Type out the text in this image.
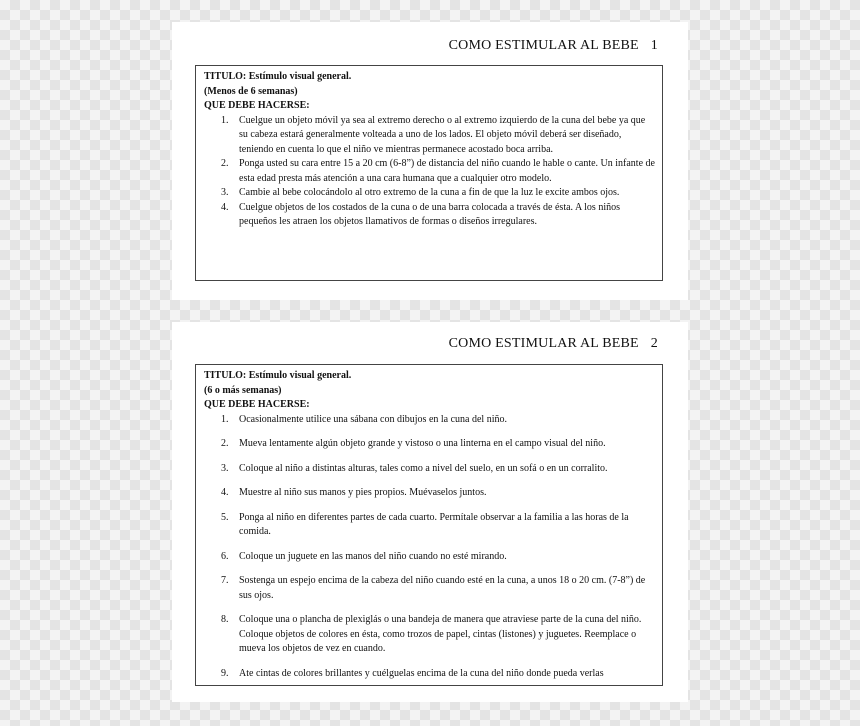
COMO ESTIMULAR AL BEBE 1
TITULO: Estímulo visual general.
(Menos de 6 semanas)
QUE DEBE HACERSE:
1. Cuelgue un objeto móvil ya sea al extremo derecho o al extremo izquierdo de la cuna del bebe ya que su cabeza estará generalmente volteada a uno de los lados. El objeto móvil deberá ser diseñado, teniendo en cuenta lo que el niño ve mientras permanece acostado boca arriba.
2. Ponga usted su cara entre 15 a 20 cm (6-8”) de distancia del niño cuando le hable o cante. Un infante de esta edad presta más atención a una cara humana que a cualquier otro modelo.
3. Cambie al bebe colocándolo al otro extremo de la cuna a fin de que la luz le excite ambos ojos.
4. Cuelgue objetos de los costados de la cuna o de una barra colocada a través de ésta. A los niños pequeños les atraen los objetos llamativos de formas o diseños irregulares.
COMO ESTIMULAR AL BEBE 2
TITULO: Estímulo visual general.
(6 o más semanas)
QUE DEBE HACERSE:
1. Ocasionalmente utilice una sábana con dibujos en la cuna del niño.
2. Mueva lentamente algún objeto grande y vistoso o una linterna en el campo visual del niño.
3. Coloque al niño a distintas alturas, tales como a nivel del suelo, en un sofá o en un corralito.
4. Muestre al niño sus manos y pies propios. Muévaselos juntos.
5. Ponga al niño en diferentes partes de cada cuarto. Permítale observar a la familia a las horas de la comida.
6. Coloque un juguete en las manos del niño cuando no esté mirando.
7. Sostenga un espejo encima de la cabeza del niño cuando esté en la cuna, a unos 18 o 20 cm. (7-8”) de sus ojos.
8. Coloque una o plancha de plexiglás o una bandeja de manera que atraviese parte de la cuna del niño. Coloque objetos de colores en ésta, como trozos de papel, cintas (listones) y juguetes. Reemplace o mueva los objetos de vez en cuando.
9. Ate cintas de colores brillantes y cuélguelas encima de la cuna del niño donde pueda verlas
